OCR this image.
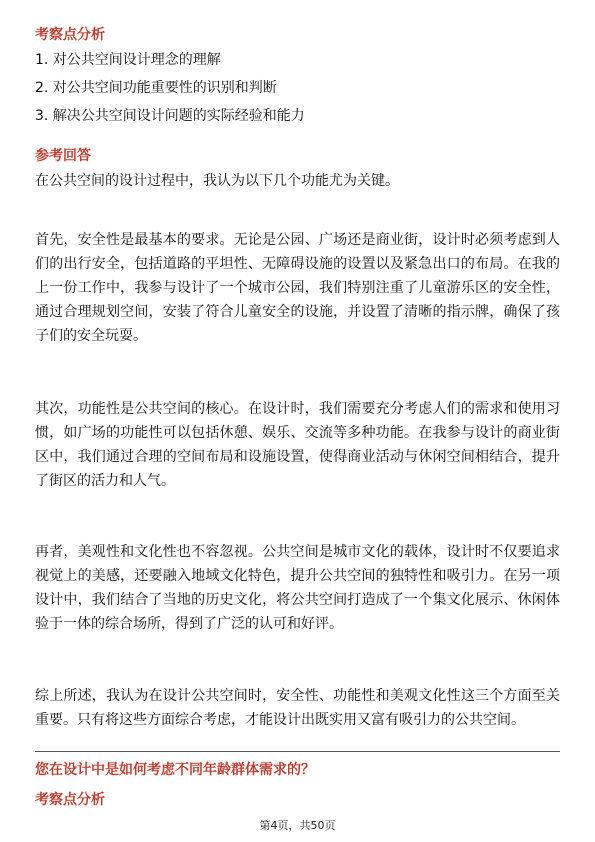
考察点分析
1. 对公共空间设计理念的理解
2. 对公共空间功能重要性的识别和判断
3. 解决公共空间设计问题的实际经验和能力
参考回答

在公共空间的设计过程中，我认为以下几个功能尤为关键。

首先，安全性是最基本的要求。无论是公园、广场还是商业街，设计时必须考虑到人们的出行安全，包括道路的平坦性、无障碍设施的设置以及紧急出口的布局。在我的上一份工作中，我参与设计了一个城市公园，我们特别注重了儿童游乐区的安全性，通过合理规划空间，安装了符合儿童安全的设施，并设置了清晰的指示牌，确保了孩子们的安全玩耍。

其次，功能性是公共空间的核心。在设计时，我们需要充分考虑人们的需求和使用习惯，如广场的功能性可以包括休憩、娱乐、交流等多种功能。在我参与设计的商业街区中，我们通过合理的空间布局和设施设置，使得商业活动与休闲空间相结合，提升了街区的活力和人气。

再者，美观性和文化性也不容忽视。公共空间是城市文化的载体，设计时不仅要追求视觉上的美感，还要融入地域文化特色，提升公共空间的独特性和吸引力。在另一项设计中，我们结合了当地的历史文化，将公共空间打造成了一个集文化展示、休闲体验于一体的综合场所，得到了广泛的认可和好评。

综上所述，我认为在设计公共空间时，安全性、功能性和美观文化性这三个方面至关重要。只有将这些方面综合考虑，才能设计出既实用又富有吸引力的公共空间。

您在设计中是如何考虑不同年龄群体需求的？
考察点分析
第4页，共50页
